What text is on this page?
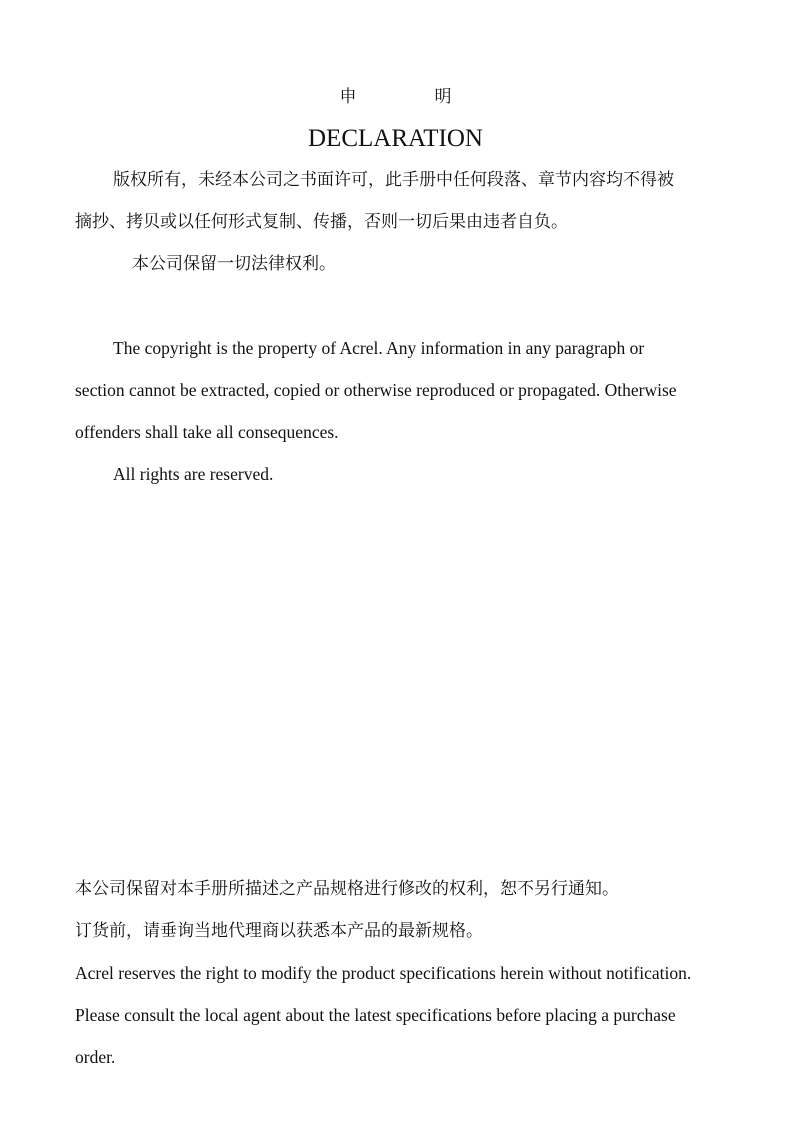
申明
DECLARATION
版权所有，未经本公司之书面许可，此手册中任何段落、章节内容均不得被
摘抄、拷贝或以任何形式复制、传播，否则一切后果由违者自负。
本公司保留一切法律权利。
The copyright is the property of Acrel. Any information in any paragraph or
section cannot be extracted, copied or otherwise reproduced or propagated. Otherwise
offenders shall take all consequences.
All rights are reserved.
本公司保留对本手册所描述之产品规格进行修改的权利，恕不另行通知。
订货前，请垂询当地代理商以获悉本产品的最新规格。
Acrel reserves the right to modify the product specifications herein without notification.
Please consult the local agent about the latest specifications before placing a purchase
order.
